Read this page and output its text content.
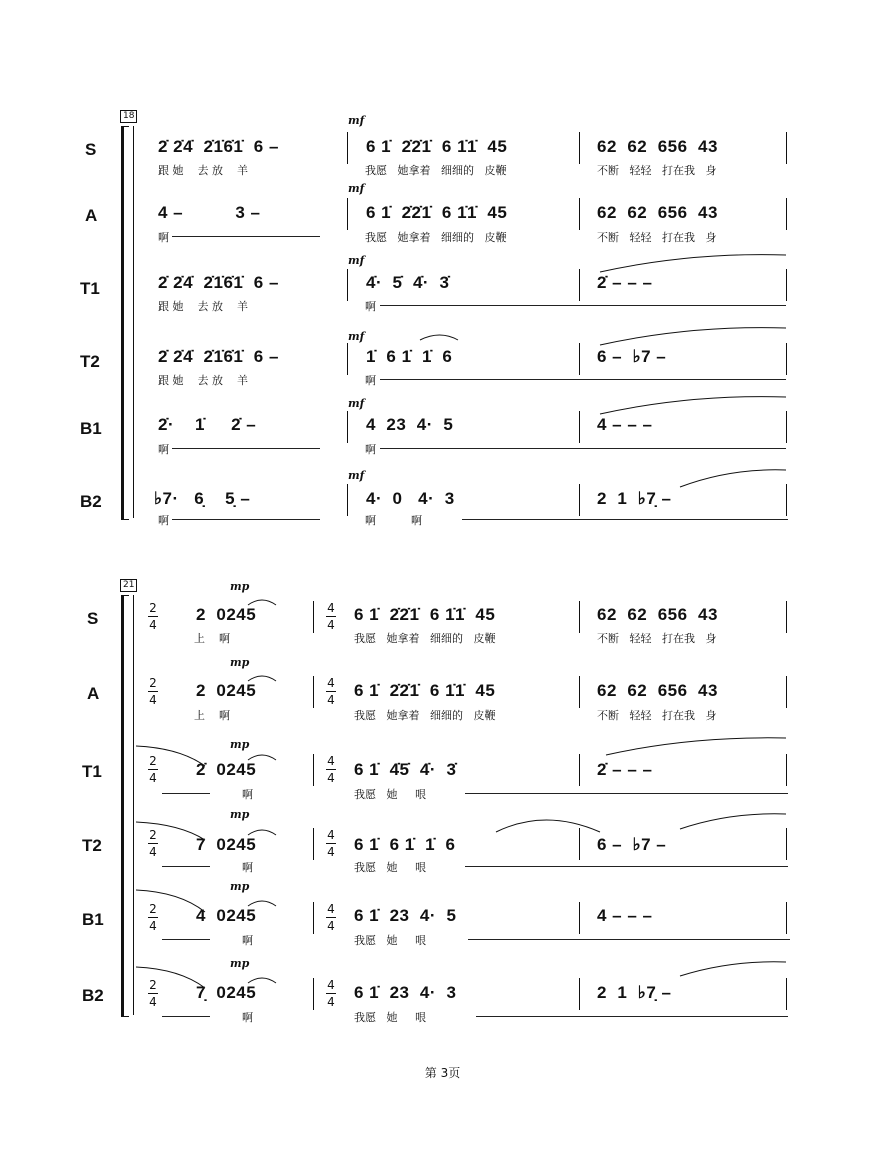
18
S
A
T1
T2
B1
B2
mf
mf
mf
mf
mf
mf
2̇ 2̇4̇  2̇1̇6̇1̇  6 –	6 1̇  2̇2̇1̇  6 1̇1̇  45	62  62  656  43
跟 她    去 放    羊	我愿   她拿着   细细的   皮鞭	不断   轻轻   打在我   身
4 –          3 –	6 1̇  2̇2̇1̇  6 1̇1̇  45	62  62  656  43
啊	我愿   她拿着   细细的   皮鞭	不断   轻轻   打在我   身
2̇ 2̇4̇  2̇1̇6̇1̇  6 –	4̇·  5̇  4̇·  3̇	2̇ – – –
跟 她    去 放    羊	啊
2̇ 2̇4̇  2̇1̇6̇1̇  6 –	1̇  6 1̇  1̇  6	6 –  ♭7 –
跟 她    去 放    羊	啊
2̇·    1̇     2̇ –	4  23  4·  5	4 – – –
啊	啊
♭7·   6̣    5̣ –	4·  0   4·  3	2  1  ♭7̣ –
啊	啊          啊
21
S
A
T1
T2
B1
B2
2
4
2
4
2
4
2
4
2
4
2
4
4
4
4
4
4
4
4
4
4
4
4
4
mp
mp
mp
mp
mp
mp
2  0245	6 1̇  2̇2̇1̇  6 1̇1̇  45	62  62  656  43
上    啊	我愿   她拿着   细细的   皮鞭	不断   轻轻   打在我   身
2  0245	6 1̇  2̇2̇1̇  6 1̇1̇  45	62  62  656  43
上    啊	我愿   她拿着   细细的   皮鞭	不断   轻轻   打在我   身
2̇  0245	6 1̇  4̇5̇  4̇·  3̇	2̇ – – –
啊	我愿   她     哏
7  0245	6 1̇  6 1̇  1̇  6	6 –  ♭7 –
啊	我愿   她     哏
4  0245	6 1̇  23  4·  5	4 – – –
啊	我愿   她     哏
7̣  0245	6 1̇  23  4·  3	2  1  ♭7̣ –
啊	我愿   她     哏
第 3页
